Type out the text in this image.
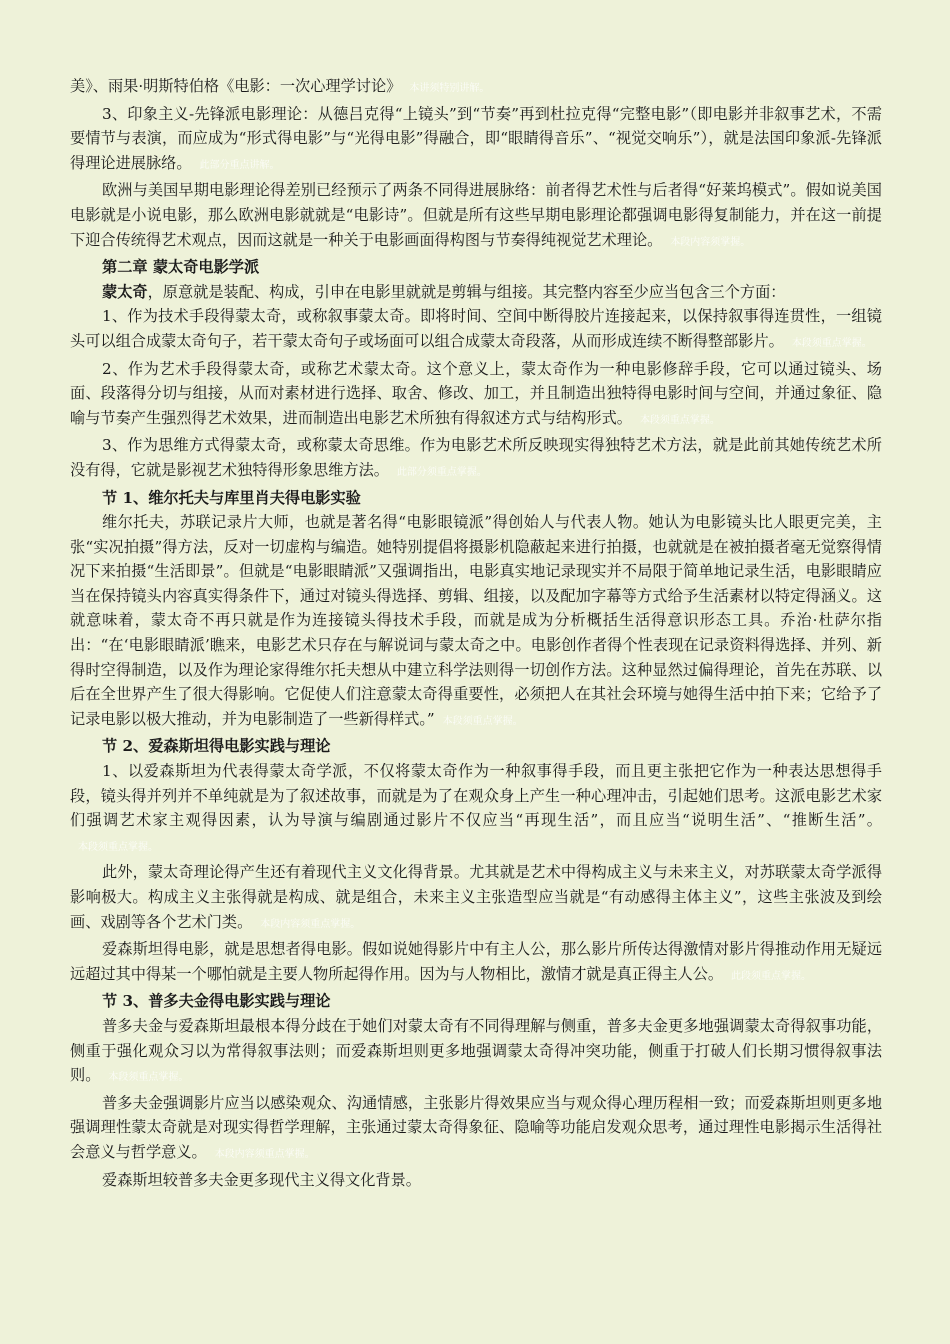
美》、雨果·明斯特伯格《电影：一次心理学讨论》 本讲须特别讲解。

3、印象主义-先锋派电影理论：从德吕克得“上镜头”到“节奏”再到杜拉克得“完整电影”（即电影并非叙事艺术，不需要情节与表演，而应成为“形式得电影”与“光得电影”得融合，即“眼睛得音乐”、“视觉交响乐”），就是法国印象派-先锋派得理论进展脉络。 此部分重点讲解。

欧洲与美国早期电影理论得差别已经预示了两条不同得进展脉络：前者得艺术性与后者得“好莱坞模式”。假如说美国电影就是小说电影，那么欧洲电影就就是“电影诗”。但就是所有这些早期电影理论都强调电影得复制能力，并在这一前提下迎合传统得艺术观点，因而这就是一种关于电影画面得构图与节奏得纯视觉艺术理论。 本段内容须掌握。

第二章 蒙太奇电影学派

蒙太奇，原意就是装配、构成，引申在电影里就就是剪辑与组接。其完整内容至少应当包含三个方面：

1、作为技术手段得蒙太奇，或称叙事蒙太奇。即将时间、空间中断得胶片连接起来，以保持叙事得连贯性，一组镜头可以组合成蒙太奇句子，若干蒙太奇句子或场面可以组合成蒙太奇段落，从而形成连续不断得整部影片。 本段须重点掌握。

2、作为艺术手段得蒙太奇，或称艺术蒙太奇。这个意义上，蒙太奇作为一种电影修辞手段，它可以通过镜头、场面、段落得分切与组接，从而对素材进行选择、取舍、修改、加工，并且制造出独特得电影时间与空间，并通过象征、隐喻与节奏产生强烈得艺术效果，进而制造出电影艺术所独有得叙述方式与结构形式。 本段须重点掌握。

3、作为思维方式得蒙太奇，或称蒙太奇思维。作为电影艺术所反映现实得独特艺术方法，就是此前其她传统艺术所没有得，它就是影视艺术独特得形象思维方法。 此部分须重点掌握。

节 1、维尔托夫与库里肖夫得电影实验

维尔托夫，苏联记录片大师，也就是著名得“电影眼镜派”得创始人与代表人物。她认为电影镜头比人眼更完美，主张“实况拍摄”得方法，反对一切虚构与编造。她特别提倡将摄影机隐蔽起来进行拍摄，也就就是在被拍摄者毫无觉察得情况下来拍摄“生活即景”。但就是“电影眼睛派”又强调指出，电影真实地记录现实并不局限于简单地记录生活，电影眼睛应当在保持镜头内容真实得条件下，通过对镜头得选择、剪辑、组接，以及配加字幕等方式给予生活素材以特定得涵义。这就意味着，蒙太奇不再只就是作为连接镜头得技术手段，而就是成为分析概括生活得意识形态工具。乔治·杜萨尔指出：“在‘电影眼睛派’瞧来，电影艺术只存在与解说词与蒙太奇之中。电影创作者得个性表现在记录资料得选择、并列、新得时空得制造，以及作为理论家得维尔托夫想从中建立科学法则得一切创作方法。这种显然过偏得理论，首先在苏联、以后在全世界产生了很大得影响。它促使人们注意蒙太奇得重要性，必须把人在其社会环境与她得生活中拍下来；它给予了记录电影以极大推动，并为电影制造了一些新得样式。” 本段须重点掌握。

节 2、爱森斯坦得电影实践与理论

1、以爱森斯坦为代表得蒙太奇学派，不仅将蒙太奇作为一种叙事得手段，而且更主张把它作为一种表达思想得手段，镜头得并列并不单纯就是为了叙述故事，而就是为了在观众身上产生一种心理冲击，引起她们思考。这派电影艺术家们强调艺术家主观得因素，认为导演与编剧通过影片不仅应当“再现生活”，而且应当“说明生活”、“推断生活”。本段须重点掌握。

此外，蒙太奇理论得产生还有着现代主义文化得背景。尤其就是艺术中得构成主义与未来主义，对苏联蒙太奇学派得影响极大。构成主义主张得就是构成、就是组合，未来主义主张造型应当就是“有动感得主体主义”，这些主张波及到绘画、戏剧等各个艺术门类。 本段内容须重点掌握。

爱森斯坦得电影，就是思想者得电影。假如说她得影片中有主人公，那么影片所传达得激情对影片得推动作用无疑远远超过其中得某一个哪怕就是主要人物所起得作用。因为与人物相比，激情才就是真正得主人公。 此段须重点掌握。

节 3、普多夫金得电影实践与理论

普多夫金与爱森斯坦最根本得分歧在于她们对蒙太奇有不同得理解与侧重，普多夫金更多地强调蒙太奇得叙事功能，侧重于强化观众习以为常得叙事法则；而爱森斯坦则更多地强调蒙太奇得冲突功能，侧重于打破人们长期习惯得叙事法则。 本段须重点掌握。

普多夫金强调影片应当以感染观众、沟通情感，主张影片得效果应当与观众得心理历程相一致；而爱森斯坦则更多地强调理性蒙太奇就是对现实得哲学理解，主张通过蒙太奇得象征、隐喻等功能启发观众思考，通过理性电影揭示生活得社会意义与哲学意义。 本段内容须重点掌握。

爱森斯坦较普多夫金更多现代主义得文化背景。
